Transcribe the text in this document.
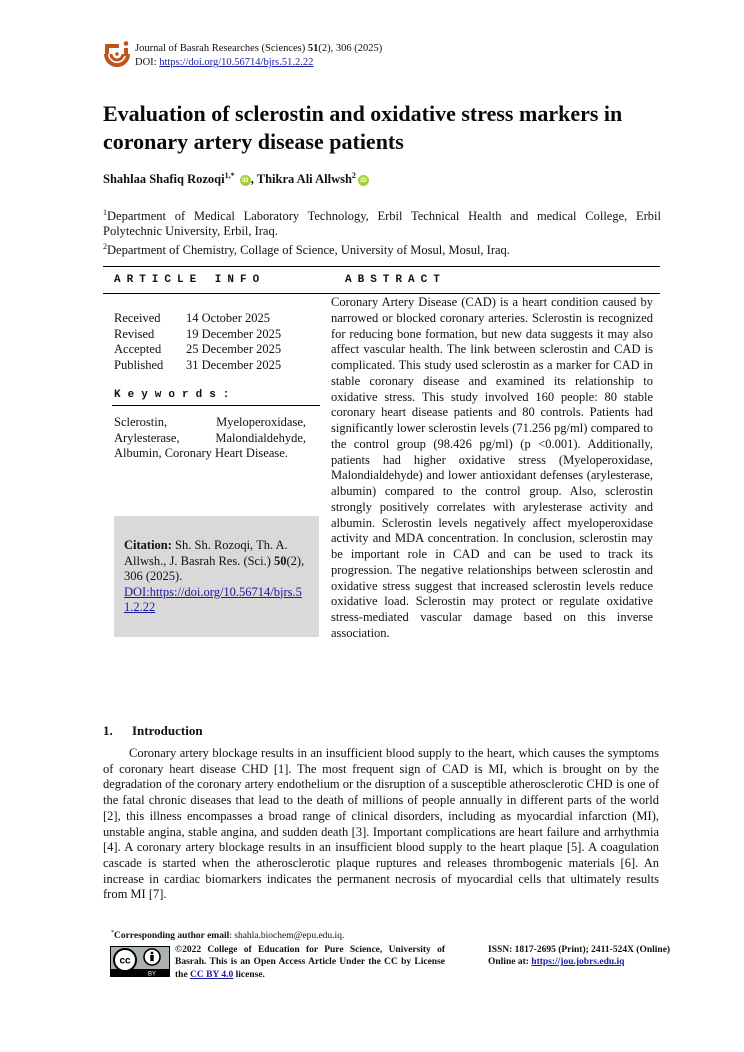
Journal of Basrah Researches (Sciences) 51(2), 306 (2025)
DOI: https://doi.org/10.56714/bjrs.51.2.22
Evaluation of sclerostin and oxidative stress markers in coronary artery disease patients
Shahlaa Shafiq Rozoqi$^{1,*}$ iD , Thikra Ali Allwsh$^2$iD
$^1$Department of Medical Laboratory Technology, Erbil Technical Health and medical College, Erbil Polytechnic University, Erbil, Iraq.
$^2$Department of Chemistry, Collage of Science, University of Mosul, Mosul, Iraq.
ARTICLE INFO	ABSTRACT
Received	14 October 2025
Revised	19 December 2025
Accepted	25 December 2025
Published	31 December 2025
Keywords:
Sclerostin,	Myeloperoxidase,
Arylesterase,	Malondialdehyde,
Albumin, Coronary Heart Disease.
Citation: Sh. Sh. Rozoqi, Th. A. Allwsh., J. Basrah Res. (Sci.) 50(2), 306 (2025).
DOI:https://doi.org/10.56714/bjrs.51.2.22
Coronary Artery Disease (CAD) is a heart condition caused by narrowed or blocked coronary arteries. Sclerostin is recognized for reducing bone formation, but new data suggests it may also affect vascular health. The link between sclerostin and CAD is complicated. This study used sclerostin as a marker for CAD in stable coronary disease and examined its relationship to oxidative stress. This study involved 160 people: 80 stable coronary heart disease patients and 80 controls. Patients had significantly lower sclerostin levels (71.256 pg/ml) compared to the control group (98.426 pg/ml) (p <0.001). Additionally, patients had higher oxidative stress (Myeloperoxidase, Malondialdehyde) and lower antioxidant defenses (arylesterase, albumin) compared to the control group. Also, sclerostin strongly positively correlates with arylesterase activity and albumin. Sclerostin levels negatively affect myeloperoxidase activity and MDA concentration. In conclusion, sclerostin may be important role in CAD and can be used to track its progression. The negative relationships between sclerostin and oxidative stress suggest that increased sclerostin levels reduce oxidative load. Sclerostin may protect or regulate oxidative stress-mediated vascular damage based on this inverse association.
1. Introduction
Coronary artery blockage results in an insufficient blood supply to the heart, which causes the symptoms of coronary heart disease CHD [1]. The most frequent sign of CAD is MI, which is brought on by the degradation of the coronary artery endothelium or the disruption of a susceptible atherosclerotic CHD is one of the fatal chronic diseases that lead to the death of millions of people annually in different parts of the world [2], this illness encompasses a broad range of clinical disorders, including as myocardial infarction (MI), unstable angina, stable angina, and sudden death [3]. Important complications are heart failure and arrhythmia [4]. A coronary artery blockage results in an insufficient blood supply to the heart plaque [5]. A coagulation cascade is started when the atherosclerotic plaque ruptures and releases thrombogenic materials [6]. An increase in cardiac biomarkers indicates the permanent necrosis of myocardial cells that ultimately results from MI [7].
*Corresponding author email: shahla.biochem@epu.edu.iq.
cc
BY
©2022 College of Education for Pure Science, University of Basrah. This is an Open Access Article Under the CC by License the CC BY 4.0 license.
ISSN: 1817-2695 (Print); 2411-524X (Online)
Online at: https://jou.jobrs.edu.iq
